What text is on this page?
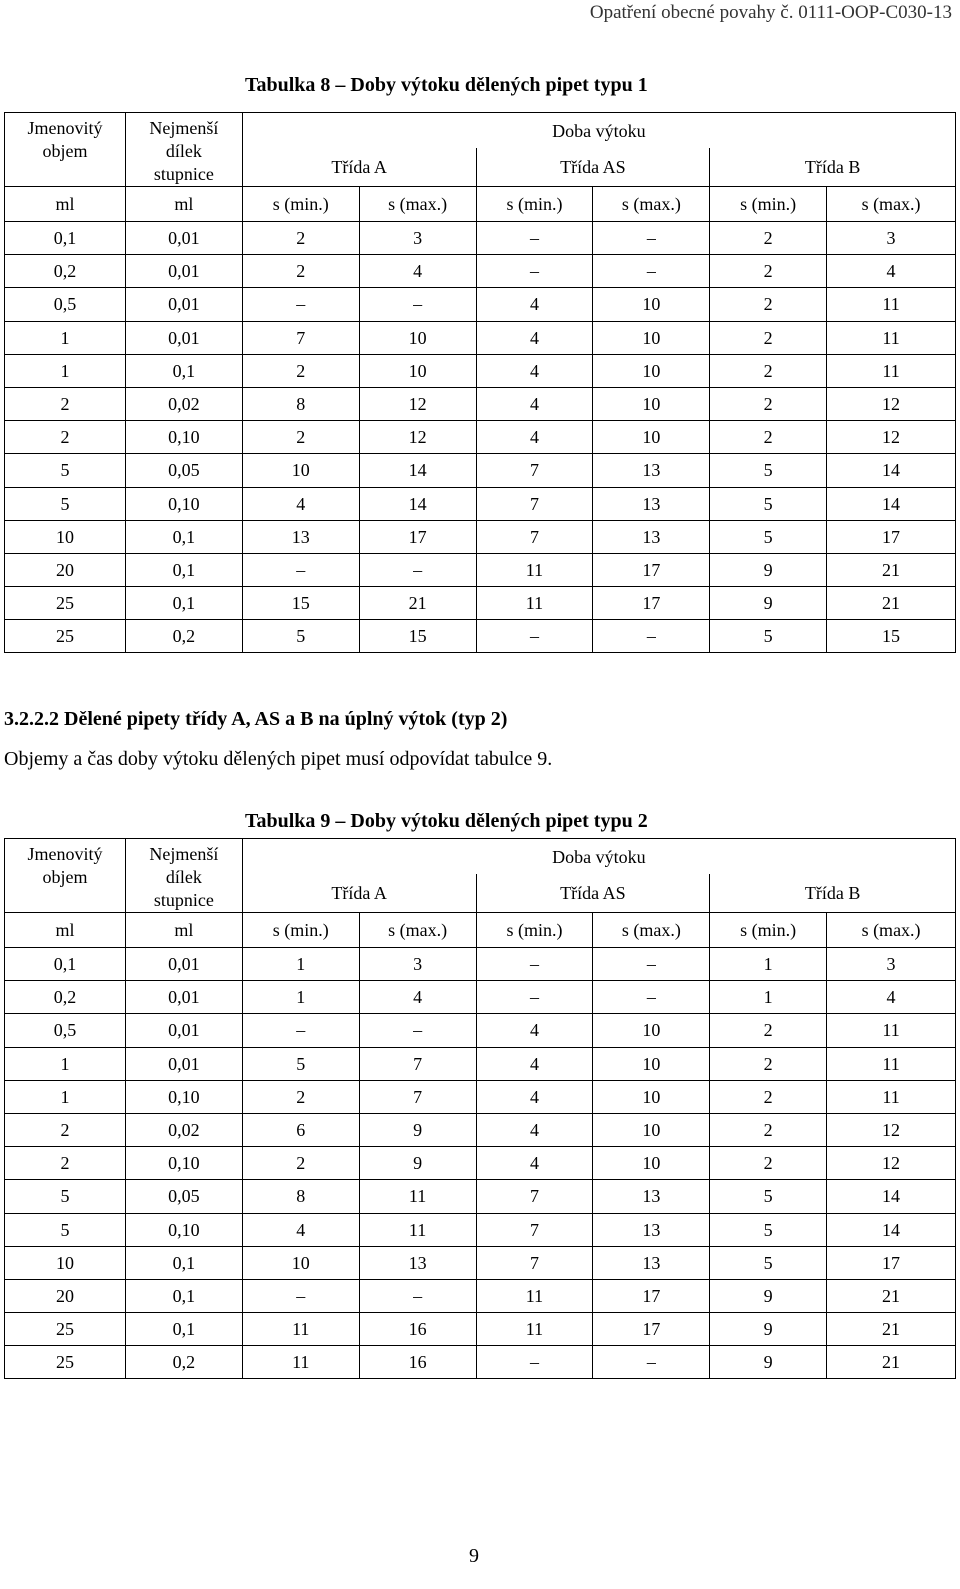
Opatření obecné povahy č. 0111-OOP-C030-13
Tabulka 8 – Doby výtoku dělených pipet typu 1
Jmenovitý
objem	Nejmenší
dílek
stupnice	Doba výtoku					
		Třída A		Třída AS		Třída B	
ml	ml	s (min.)	s (max.)	s (min.)	s (max.)	s (min.)	s (max.)
0,1	0,01	2	3	–	–	2	3
0,2	0,01	2	4	–	–	2	4
0,5	0,01	–	–	4	10	2	11
1	0,01	7	10	4	10	2	11
1	0,1	2	10	4	10	2	11
2	0,02	8	12	4	10	2	12
2	0,10	2	12	4	10	2	12
5	0,05	10	14	7	13	5	14
5	0,10	4	14	7	13	5	14
10	0,1	13	17	7	13	5	17
20	0,1	–	–	11	17	9	21
25	0,1	15	21	11	17	9	21
25	0,2	5	15	–	–	5	15
3.2.2.2 Dělené pipety třídy A, AS a B na úplný výtok (typ 2)
Objemy a čas doby výtoku dělených pipet musí odpovídat tabulce 9.
Tabulka 9 – Doby výtoku dělených pipet typu 2
Jmenovitý
objem	Nejmenší
dílek
stupnice	Doba výtoku					
		Třída A		Třída AS		Třída B	
ml	ml	s (min.)	s (max.)	s (min.)	s (max.)	s (min.)	s (max.)
0,1	0,01	1	3	–	–	1	3
0,2	0,01	1	4	–	–	1	4
0,5	0,01	–	–	4	10	2	11
1	0,01	5	7	4	10	2	11
1	0,10	2	7	4	10	2	11
2	0,02	6	9	4	10	2	12
2	0,10	2	9	4	10	2	12
5	0,05	8	11	7	13	5	14
5	0,10	4	11	7	13	5	14
10	0,1	10	13	7	13	5	17
20	0,1	–	–	11	17	9	21
25	0,1	11	16	11	17	9	21
25	0,2	11	16	–	–	9	21
9
